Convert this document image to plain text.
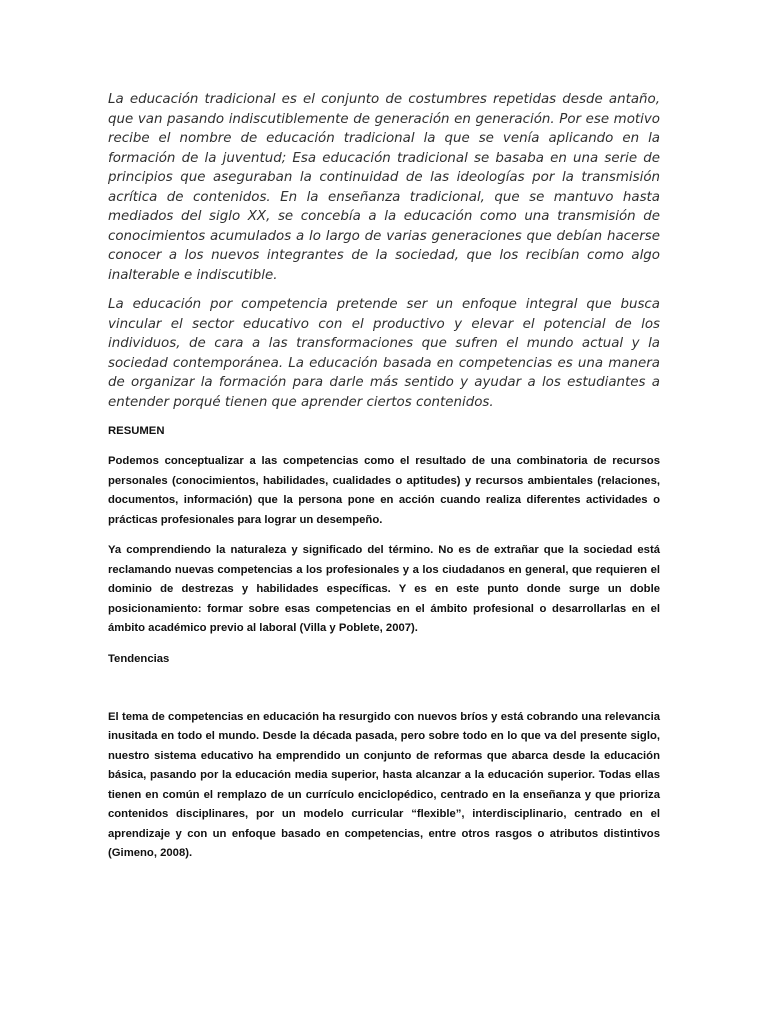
La educación tradicional es el conjunto de costumbres repetidas desde antaño, que van pasando indiscutiblemente de generación en generación. Por ese motivo recibe el nombre de educación tradicional la que se venía aplicando en la formación de la juventud; Esa educación tradicional se basaba en una serie de principios que aseguraban la continuidad de las ideologías por la transmisión acrítica de contenidos. En la enseñanza tradicional, que se mantuvo hasta mediados del siglo XX, se concebía a la educación como una transmisión de conocimientos acumulados a lo largo de varias generaciones que debían hacerse conocer a los nuevos integrantes de la sociedad, que los recibían como algo inalterable e indiscutible.

La educación por competencia pretende ser un enfoque integral que busca vincular el sector educativo con el productivo y elevar el potencial de los individuos, de cara a las transformaciones que sufren el mundo actual y la sociedad contemporánea. La educación basada en competencias es una manera de organizar la formación para darle más sentido y ayudar a los estudiantes a entender porqué tienen que aprender ciertos contenidos.

RESUMEN

Podemos conceptualizar a las competencias como el resultado de una combinatoria de recursos personales (conocimientos, habilidades, cualidades o aptitudes) y recursos ambientales (relaciones, documentos, información) que la persona pone en acción cuando realiza diferentes actividades o prácticas profesionales para lograr un desempeño.

Ya comprendiendo la naturaleza y significado del término. No es de extrañar que la sociedad está reclamando nuevas competencias a los profesionales y a los ciudadanos en general, que requieren el dominio de destrezas y habilidades específicas. Y es en este punto donde surge un doble posicionamiento: formar sobre esas competencias en el ámbito profesional o desarrollarlas en el ámbito académico previo al laboral (Villa y Poblete, 2007).

Tendencias

El tema de competencias en educación ha resurgido con nuevos bríos y está cobrando una relevancia inusitada en todo el mundo. Desde la década pasada, pero sobre todo en lo que va del presente siglo, nuestro sistema educativo ha emprendido un conjunto de reformas que abarca desde la educación básica, pasando por la educación media superior, hasta alcanzar a la educación superior. Todas ellas tienen en común el remplazo de un currículo enciclopédico, centrado en la enseñanza y que prioriza contenidos disciplinares, por un modelo curricular “flexible”, interdisciplinario, centrado en el aprendizaje y con un enfoque basado en competencias, entre otros rasgos o atributos distintivos (Gimeno, 2008).
